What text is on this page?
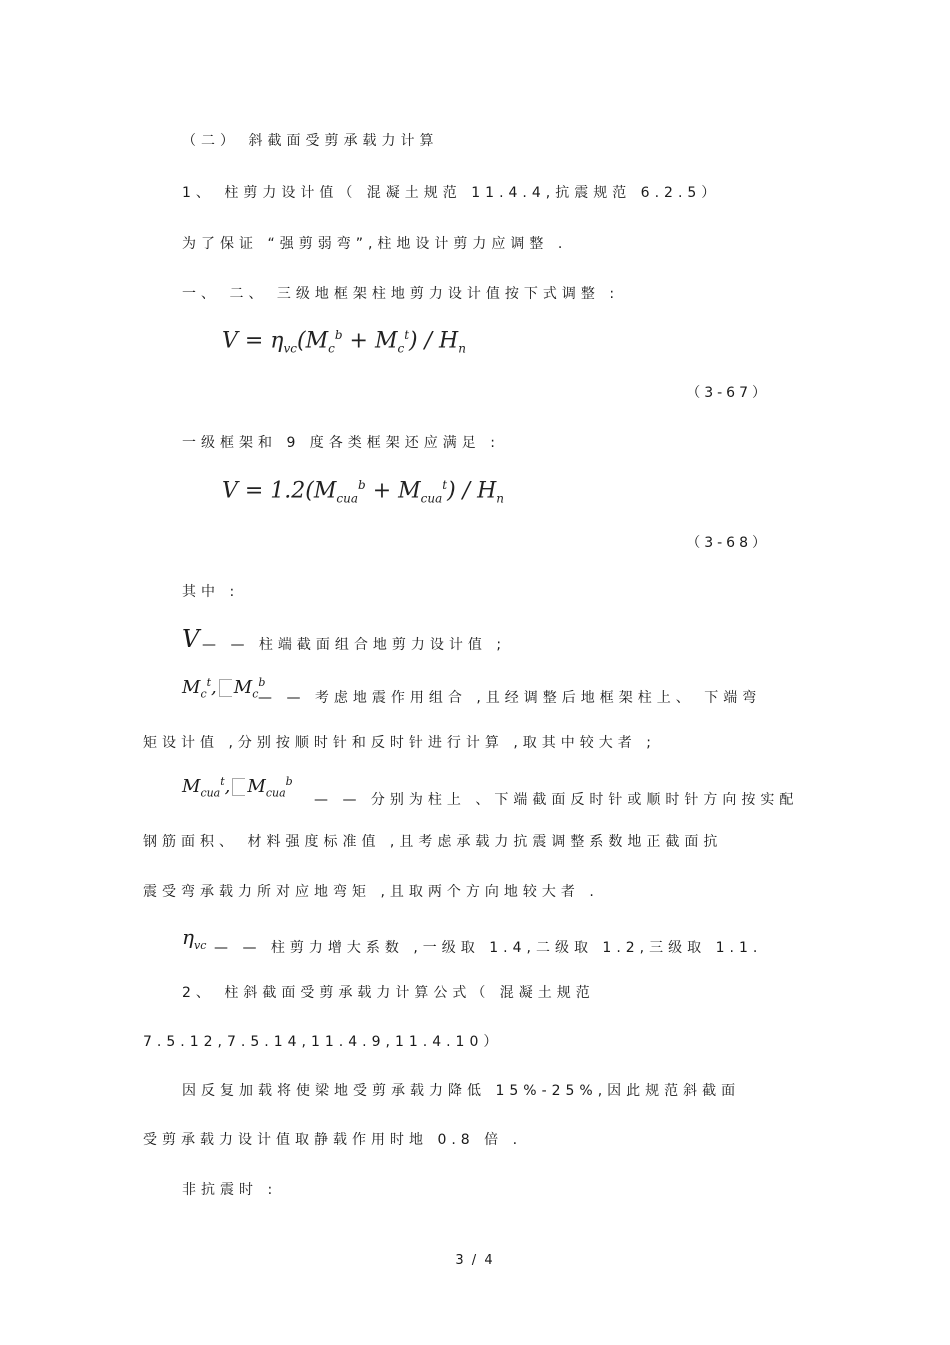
（二） 斜截面受剪承载力计算
1、 柱剪力设计值（ 混凝土规范 11.4.4,抗震规范 6.2.5）
为了保证 “强剪弱弯”,柱地设计剪力应调整 .
一、 二、 三级地框架柱地剪力设计值按下式调整 :
$V = \eta_{vc}(M_c^b + M_c^t) / H_n$
（3-67）
一级框架和 9 度各类框架还应满足 :
$V = 1.2(M_{cua}^b + M_{cua}^t) / H_n$
（3-68）
其中 :
V — — 柱端截面组合地剪力设计值 ;
$M_c^t$, $M_c^b$
— — 考虑地震作用组合 ,且经调整后地框架柱上、 下端弯
矩设计值 ,分别按顺时针和反时针进行计算 ,取其中较大者 ;
$M_{cua}^t$, $M_{cua}^b$
— — 分别为柱上 、下端截面反时针或顺时针方向按实配
钢筋面积、 材料强度标准值 ,且考虑承载力抗震调整系数地正截面抗
震受弯承载力所对应地弯矩 ,且取两个方向地较大者 .
$\eta_{vc}$ — — 柱剪力增大系数 ,一级取 1.4,二级取 1.2,三级取 1.1.
2、 柱斜截面受剪承载力计算公式（ 混凝土规范
7.5.12,7.5.14,11.4.9,11.4.10）
因反复加载将使梁地受剪承载力降低 15%-25%,因此规范斜截面
受剪承载力设计值取静载作用时地 0.8 倍 .
非抗震时 :
3 / 4
